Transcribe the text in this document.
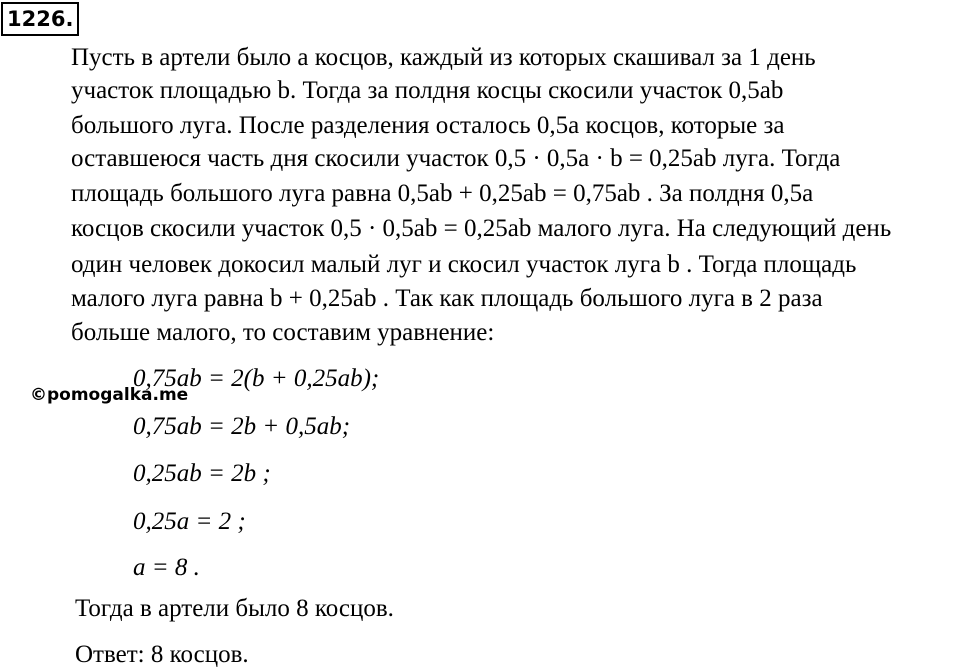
1226.
Пусть в артели было a косцов, каждый из которых скашивал за 1 день
участок площадью b. Тогда за полдня косцы скосили участок 0,5ab
большого луга. После разделения осталось 0,5a косцов, которые за
оставшеюся часть дня скосили участок 0,5 · 0,5a · b = 0,25ab луга. Тогда
площадь большого луга равна 0,5ab + 0,25ab = 0,75ab . За полдня 0,5a
косцов скосили участок 0,5 · 0,5ab = 0,25ab малого луга. На следующий день
один человек докосил малый луг и скосил участок луга b . Тогда площадь
малого луга равна b + 0,25ab . Так как площадь большого луга в 2 раза
больше малого, то составим уравнение:
0,75ab = 2(b + 0,25ab);
©pomogalka.me
0,75ab = 2b + 0,5ab;
0,25ab = 2b ;
0,25a = 2 ;
a = 8 .
Тогда в артели было 8 косцов.
Ответ: 8 косцов.
